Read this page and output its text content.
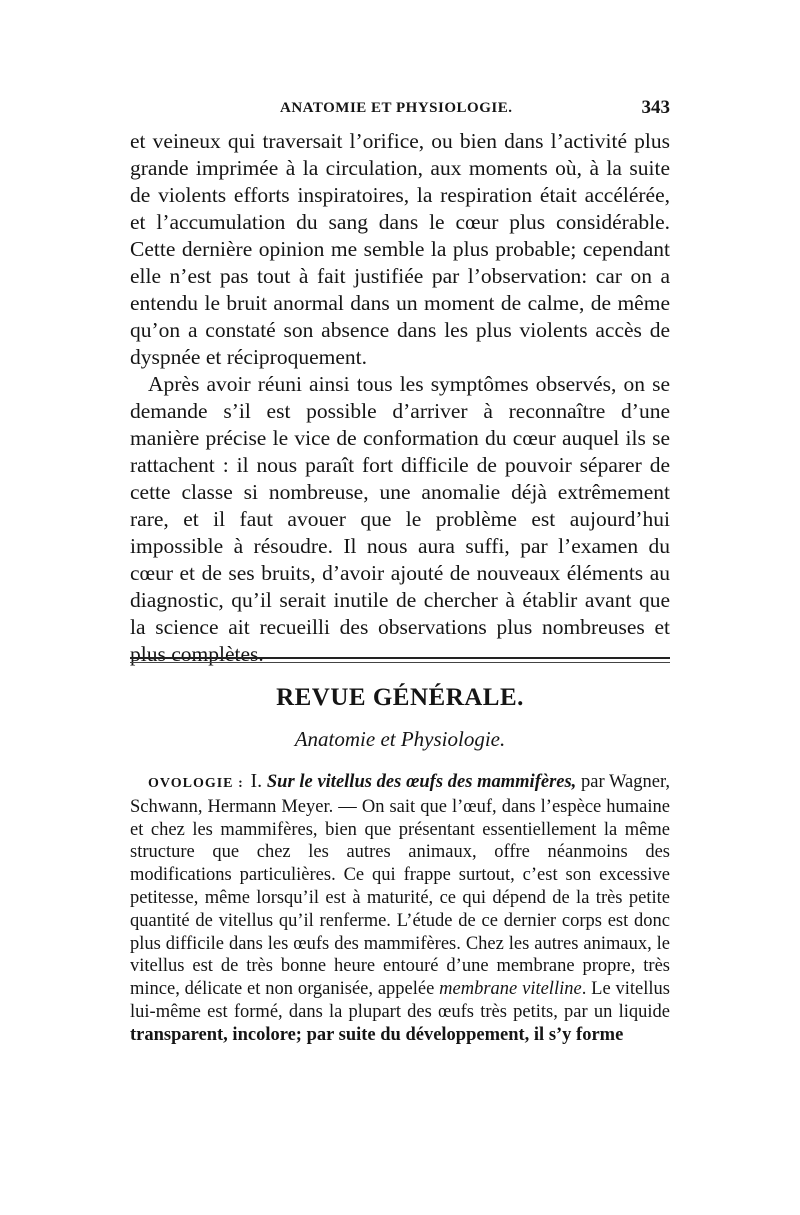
ANATOMIE ET PHYSIOLOGIE.	343

et veineux qui traversait l’orifice, ou bien dans l’activité plus grande imprimée à la circulation, aux moments où, à la suite de violents efforts inspiratoires, la respiration était accélérée, et l’accumulation du sang dans le cœur plus considérable. Cette dernière opinion me semble la plus probable; cependant elle n’est pas tout à fait justifiée par l’observation: car on a entendu le bruit anormal dans un moment de calme, de même qu’on a constaté son absence dans les plus violents accès de dyspnée et réciproquement.

Après avoir réuni ainsi tous les symptômes observés, on se demande s’il est possible d’arriver à reconnaître d’une manière précise le vice de conformation du cœur auquel ils se rattachent : il nous paraît fort difficile de pouvoir séparer de cette classe si nombreuse, une anomalie déjà extrêmement rare, et il faut avouer que le problème est aujourd’hui impossible à résoudre. Il nous aura suffi, par l’examen du cœur et de ses bruits, d’avoir ajouté de nouveaux éléments au diagnostic, qu’il serait inutile de chercher à établir avant que la science ait recueilli des observations plus nombreuses et plus complètes.

REVUE GÉNÉRALE.
Anatomie et Physiologie.

OVOLOGIE : I. Sur le vitellus des œufs des mammifères, par Wagner, Schwann, Hermann Meyer. — On sait que l’œuf, dans l’espèce humaine et chez les mammifères, bien que présentant essentiellement la même structure que chez les autres animaux, offre néanmoins des modifications particulières. Ce qui frappe surtout, c’est son excessive petitesse, même lorsqu’il est à maturité, ce qui dépend de la très petite quantité de vitellus qu’il renferme. L’étude de ce dernier corps est donc plus difficile dans les œufs des mammifères. Chez les autres animaux, le vitellus est de très bonne heure entouré d’une membrane propre, très mince, délicate et non organisée, appelée membrane vitelline. Le vitellus lui-même est formé, dans la plupart des œufs très petits, par un liquide transparent, incolore; par suite du développement, il s’y forme
